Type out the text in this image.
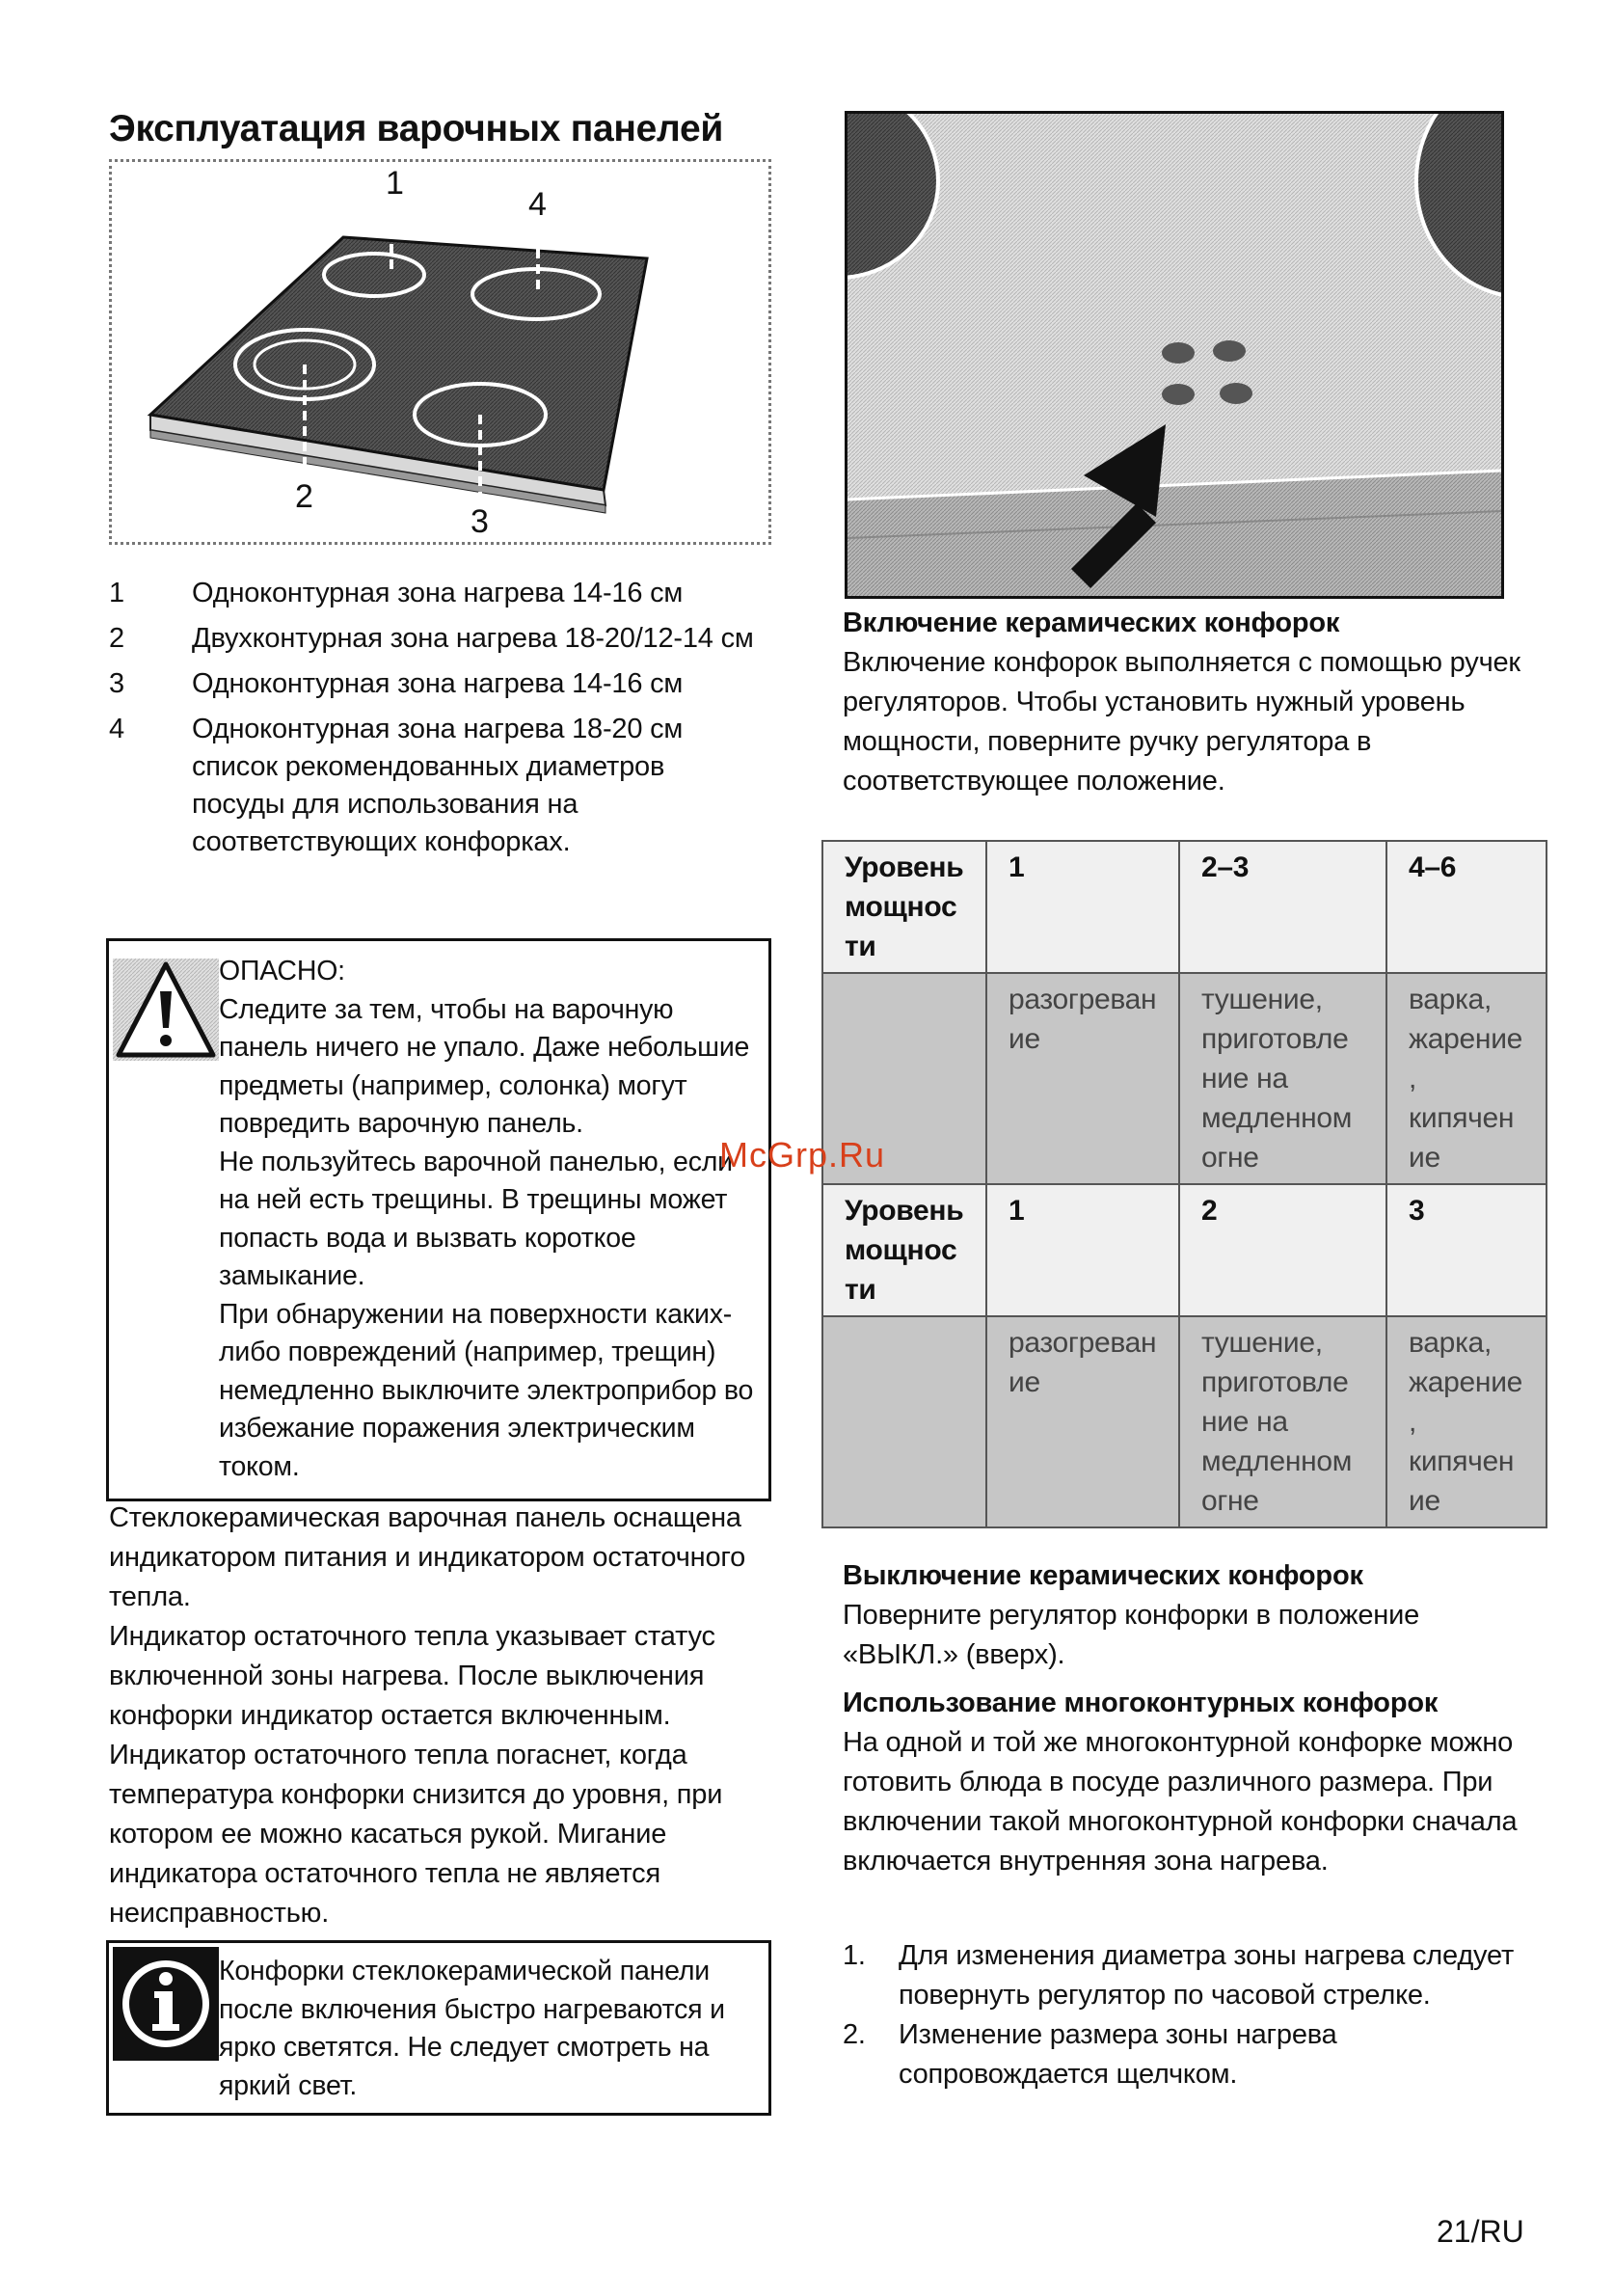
Эксплуатация варочных панелей
1
4
2
3
1 Одноконтурная зона нагрева 14-16 см
2 Двухконтурная зона нагрева 18-20/12-14 см
3 Одноконтурная зона нагрева 14-16 см
4 Одноконтурная зона нагрева 18-20 см список рекомендованных диаметров посуды для использования на соответствующих конфорках.
ОПАСНО:
Следите за тем, чтобы на варочную панель ничего не упало. Даже небольшие предметы (например, солонка) могут повредить варочную панель.
Не пользуйтесь варочной панелью, если на ней есть трещины. В трещины может попасть вода и вызвать короткое замыкание.
При обнаружении на поверхности каких-либо повреждений (например, трещин) немедленно выключите электроприбор во избежание поражения электрическим током.
Стеклокерамическая варочная панель оснащена индикатором питания и индикатором остаточного тепла.
Индикатор остаточного тепла указывает статус включенной зоны нагрева. После выключения конфорки индикатор остается включенным. Индикатор остаточного тепла погаснет, когда температура конфорки снизится до уровня, при котором ее можно касаться рукой. Мигание индикатора остаточного тепла не является неисправностью.
Конфорки стеклокерамической панели после включения быстро нагреваются и ярко светятся. Не следует смотреть на яркий свет.
Включение керамических конфорок
Включение конфорок выполняется с помощью ручек регуляторов. Чтобы установить нужный уровень мощности, поверните ручку регулятора в соответствующее положение.
Уровень мощнос ти	1	2–3	4–6
	разогреван ие	тушение, приготовле ние на медленном огне	варка, жарение , кипячен ие
Уровень мощнос ти	1	2	3
	разогреван ие	тушение, приготовле ние на медленном огне	варка, жарение , кипячен ие
Выключение керамических конфорок
Поверните регулятор конфорки в положение «ВЫКЛ.» (вверх).
Использование многоконтурных конфорок
На одной и той же многоконтурной конфорке можно готовить блюда в посуде различного размера. При включении такой многоконтурной конфорки сначала включается внутренняя зона нагрева.
1. Для изменения диаметра зоны нагрева следует повернуть регулятор по часовой стрелке.
2. Изменение размера зоны нагрева сопровождается щелчком.
McGrp.Ru
21/RU
